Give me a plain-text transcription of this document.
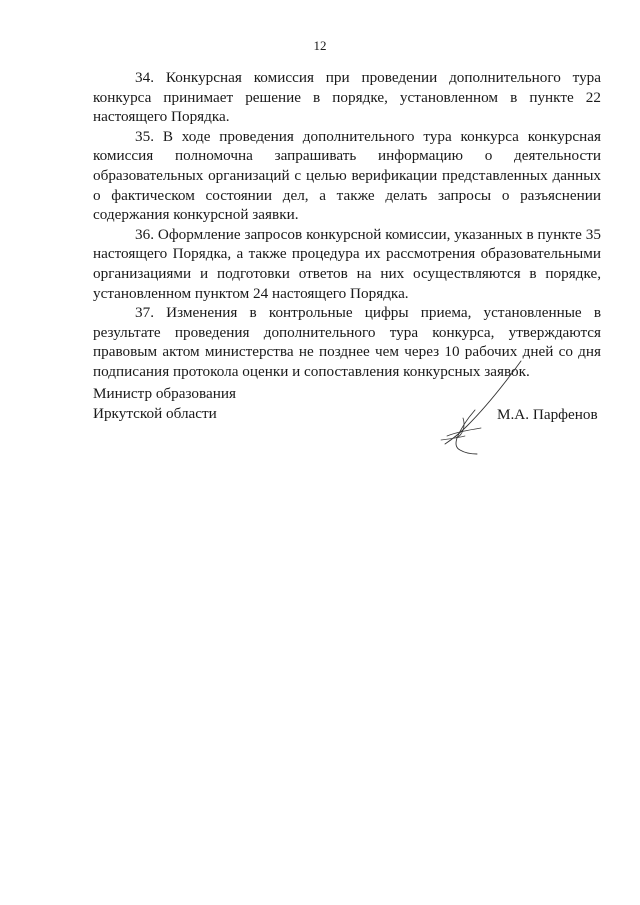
12

34. Конкурсная комиссия при проведении дополнительного тура конкурса принимает решение в порядке, установленном в пункте 22 настоящего Порядка.

35. В ходе проведения дополнительного тура конкурса конкурсная комиссия полномочна запрашивать информацию о деятельности образовательных организаций с целью верификации представленных данных о фактическом состоянии дел, а также делать запросы о разъяснении содержания конкурсной заявки.

36. Оформление запросов конкурсной комиссии, указанных в пункте 35 настоящего Порядка, а также процедура их рассмотрения образовательными организациями и подготовки ответов на них осуществляются в порядке, установленном пунктом 24 настоящего Порядка.

37. Изменения в контрольные цифры приема, установленные в результате проведения дополнительного тура конкурса, утверждаются правовым актом министерства не позднее чем через 10 рабочих дней со дня подписания протокола оценки и сопоставления конкурсных заявок.

Министр образования
Иркутской области	М.А. Парфенов
